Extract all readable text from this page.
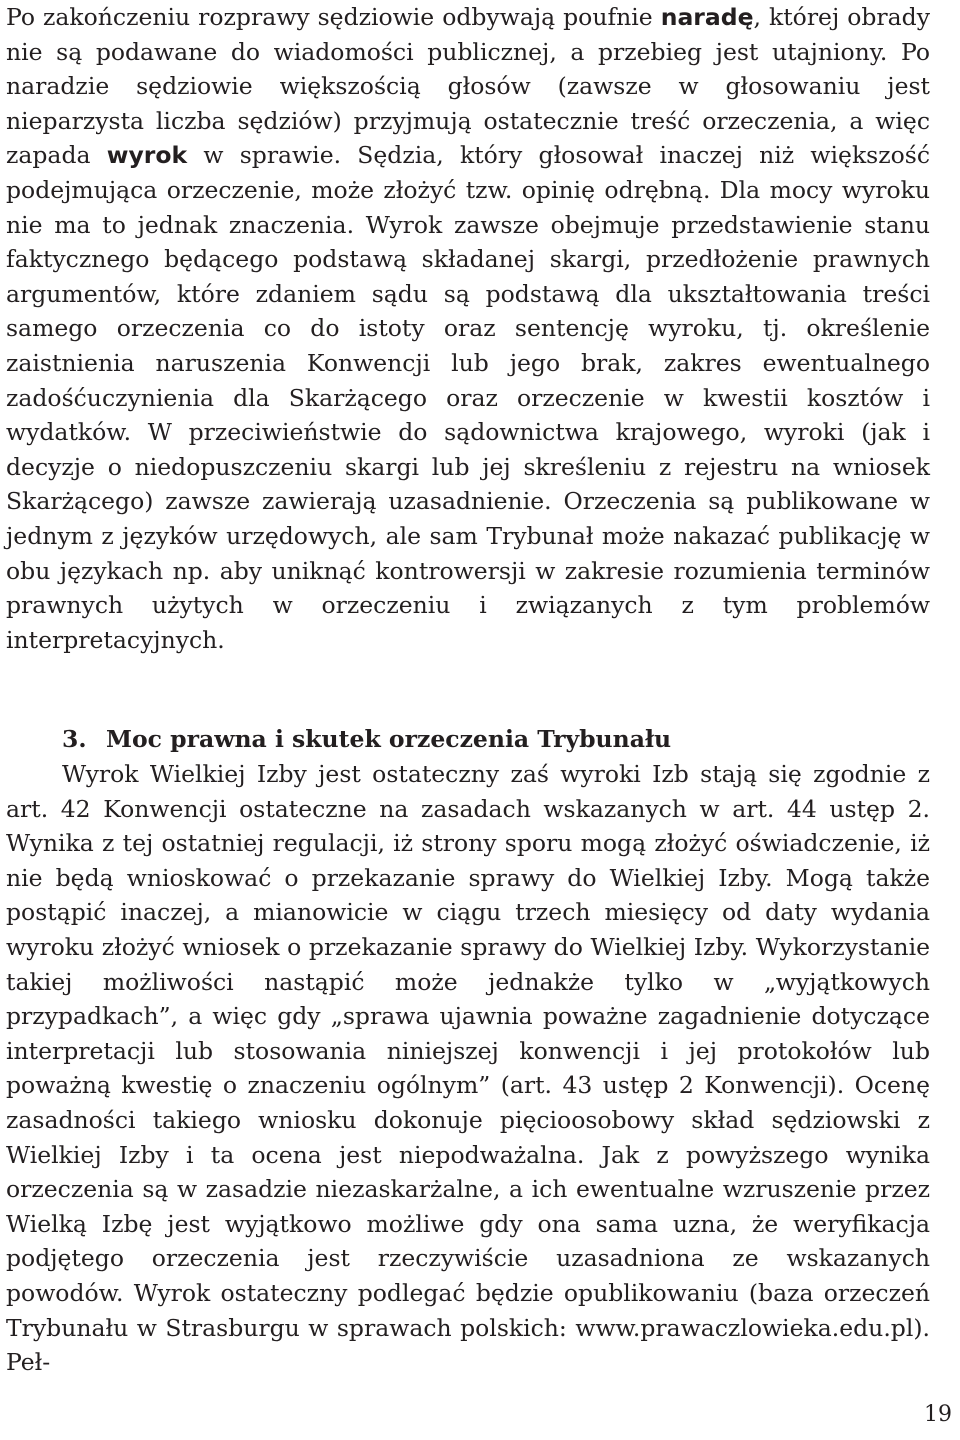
Po zakończeniu rozprawy sędziowie odbywają poufnie naradę, której obrady nie są podawane do wiadomości publicznej, a przebieg jest utajniony. Po naradzie sędziowie większością głosów (zawsze w głosowaniu jest nieparzysta liczba sędziów) przyjmują ostatecznie treść orzeczenia, a więc zapada wyrok w sprawie. Sędzia, który głosował inaczej niż większość podejmująca orzeczenie, może złożyć tzw. opinię odrębną. Dla mocy wyroku nie ma to jednak znaczenia. Wyrok zawsze obejmuje przedstawienie stanu faktycznego będącego podstawą składanej skargi, przedłożenie prawnych argumentów, które zdaniem sądu są podstawą dla ukształtowania treści samego orzeczenia co do istoty oraz sentencję wyroku, tj. określenie zaistnienia naruszenia Konwencji lub jego brak, zakres ewentualnego zadośćuczynienia dla Skarżącego oraz orzeczenie w kwestii kosztów i wydatków. W przeciwieństwie do sądownictwa krajowego, wyroki (jak i decyzje o niedopuszczeniu skargi lub jej skreśleniu z rejestru na wniosek Skarżącego) zawsze zawierają uzasadnienie. Orzeczenia są publikowane w jednym z języków urzędowych, ale sam Trybunał może nakazać publikację w obu językach np. aby uniknąć kontrowersji w zakresie rozumienia terminów prawnych użytych w orzeczeniu i związanych z tym problemów interpretacyjnych.

3. Moc prawna i skutek orzeczenia Trybunału

Wyrok Wielkiej Izby jest ostateczny zaś wyroki Izb stają się zgodnie z art. 42 Konwencji ostateczne na zasadach wskazanych w art. 44 ustęp 2. Wynika z tej ostatniej regulacji, iż strony sporu mogą złożyć oświadczenie, iż nie będą wnioskować o przekazanie sprawy do Wielkiej Izby. Mogą także postąpić inaczej, a mianowicie w ciągu trzech miesięcy od daty wydania wyroku złożyć wniosek o przekazanie sprawy do Wielkiej Izby. Wykorzystanie takiej możliwości nastąpić może jednakże tylko w „wyjątkowych przypadkach”, a więc gdy „sprawa ujawnia poważne zagadnienie dotyczące interpretacji lub stosowania niniejszej konwencji i jej protokołów lub poważną kwestię o znaczeniu ogólnym” (art. 43 ustęp 2 Konwencji). Ocenę zasadności takiego wniosku dokonuje pięcioosobowy skład sędziowski z Wielkiej Izby i ta ocena jest niepodważalna. Jak z powyższego wynika orzeczenia są w zasadzie niezaskarżalne, a ich ewentualne wzruszenie przez Wielką Izbę jest wyjątkowo możliwe gdy ona sama uzna, że weryfikacja podjętego orzeczenia jest rzeczywiście uzasadniona ze wskazanych powodów. Wyrok ostateczny podlegać będzie opublikowaniu (baza orzeczeń Trybunału w Strasburgu w sprawach polskich: www.prawaczlowieka.edu.pl). Peł-

19
